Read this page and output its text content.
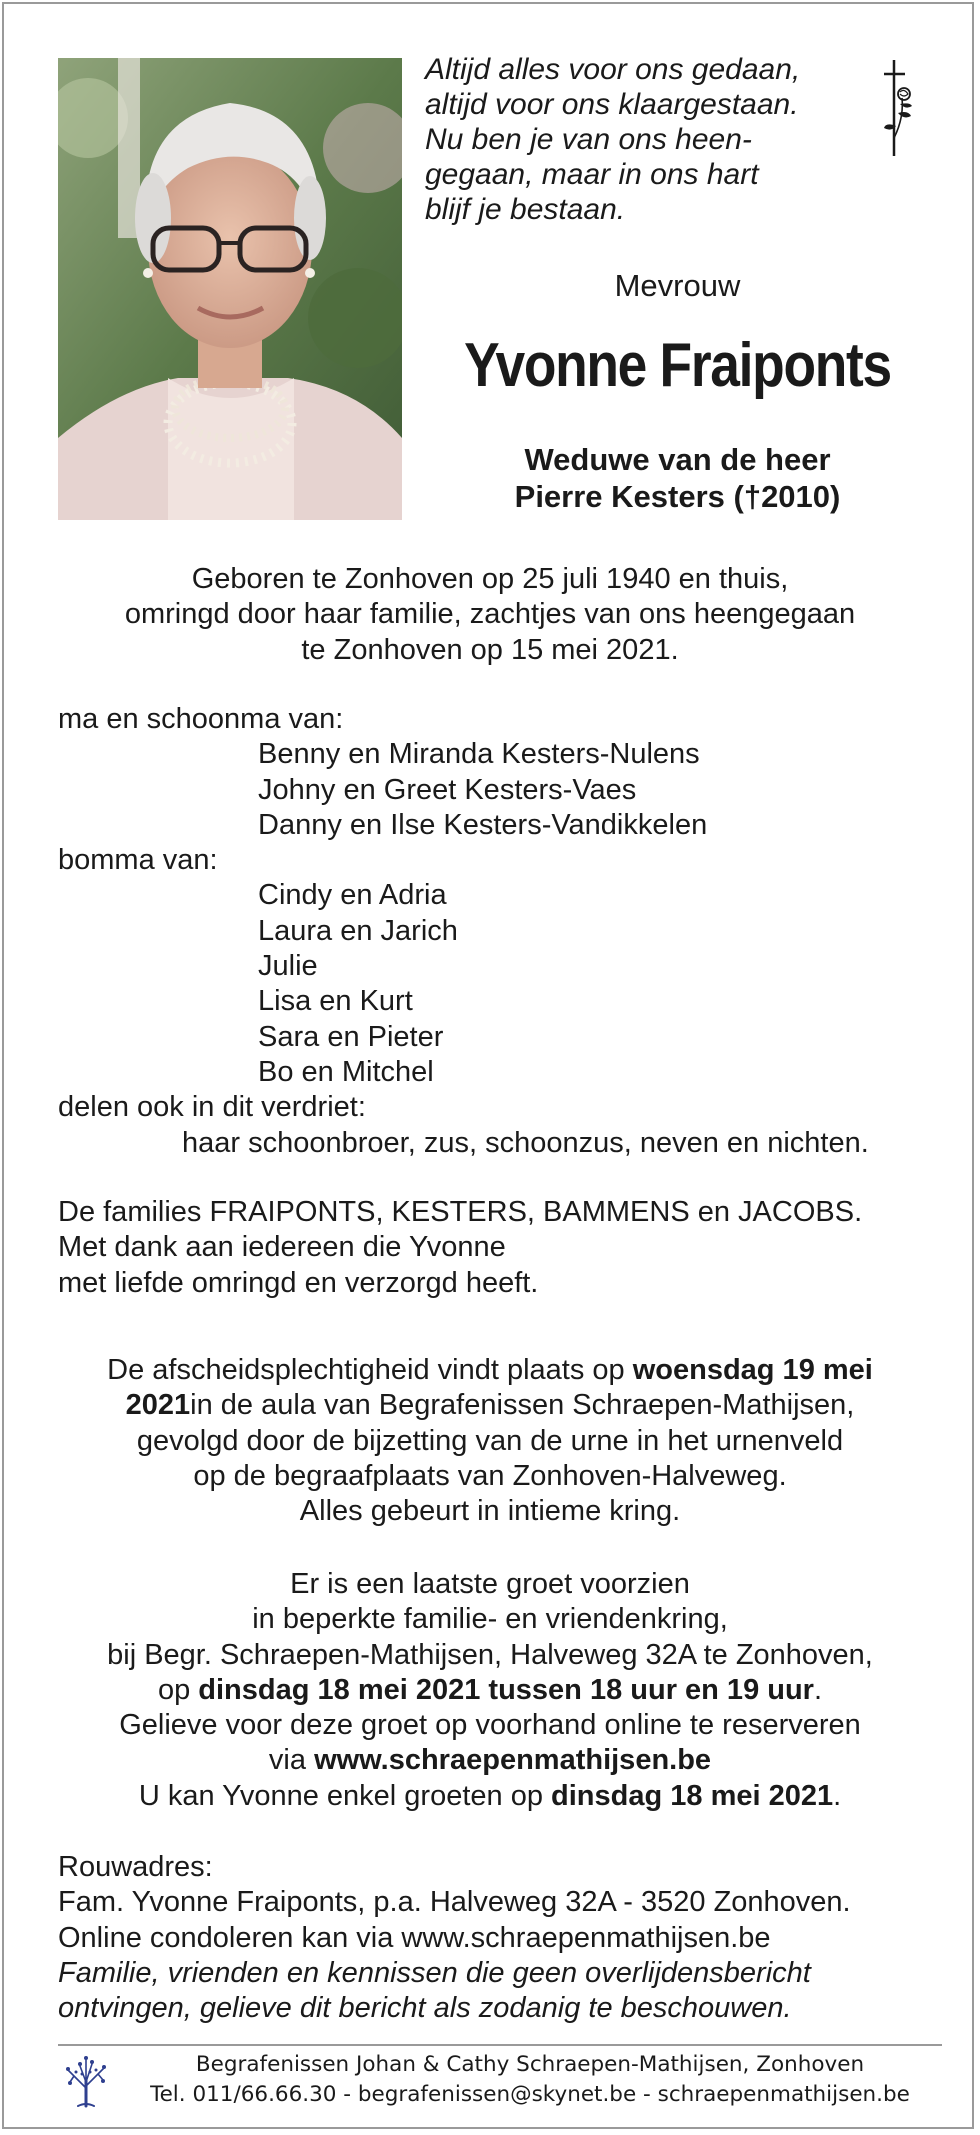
Altijd alles voor ons gedaan,
altijd voor ons klaargestaan.
Nu ben je van ons heen-
gegaan, maar in ons hart
blijf je bestaan.
Mevrouw
Yvonne Fraiponts
Weduwe van de heer
Pierre Kesters (†2010)
Geboren te Zonhoven op 25 juli 1940 en thuis,
omringd door haar familie, zachtjes van ons heengegaan
te Zonhoven op 15 mei 2021.
ma en schoonma van:
Benny en Miranda Kesters-Nulens
Johny en Greet Kesters-Vaes
Danny en Ilse Kesters-Vandikkelen
bomma van:
Cindy en Adria
Laura en Jarich
Julie
Lisa en Kurt
Sara en Pieter
Bo en Mitchel
delen ook in dit verdriet:
haar schoonbroer, zus, schoonzus, neven en nichten.
De families FRAIPONTS, KESTERS, BAMMENS en JACOBS.
Met dank aan iedereen die Yvonne
met liefde omringd en verzorgd heeft.
De afscheidsplechtigheid vindt plaats op woensdag 19 mei
2021in de aula van Begrafenissen Schraepen-Mathijsen,
gevolgd door de bijzetting van de urne in het urnenveld
op de begraafplaats van Zonhoven-Halveweg.
Alles gebeurt in intieme kring.
Er is een laatste groet voorzien
in beperkte familie- en vriendenkring,
bij Begr. Schraepen-Mathijsen, Halveweg 32A te Zonhoven,
op dinsdag 18 mei 2021 tussen 18 uur en 19 uur.
Gelieve voor deze groet op voorhand online te reserveren
via www.schraepenmathijsen.be
U kan Yvonne enkel groeten op dinsdag 18 mei 2021.
Rouwadres:
Fam. Yvonne Fraiponts, p.a. Halveweg 32A - 3520 Zonhoven.
Online condoleren kan via www.schraepenmathijsen.be
Familie, vrienden en kennissen die geen overlijdensbericht
ontvingen, gelieve dit bericht als zodanig te beschouwen.
Begrafenissen Johan & Cathy Schraepen-Mathijsen, Zonhoven
Tel. 011/66.66.30 - begrafenissen@skynet.be - schraepenmathijsen.be
